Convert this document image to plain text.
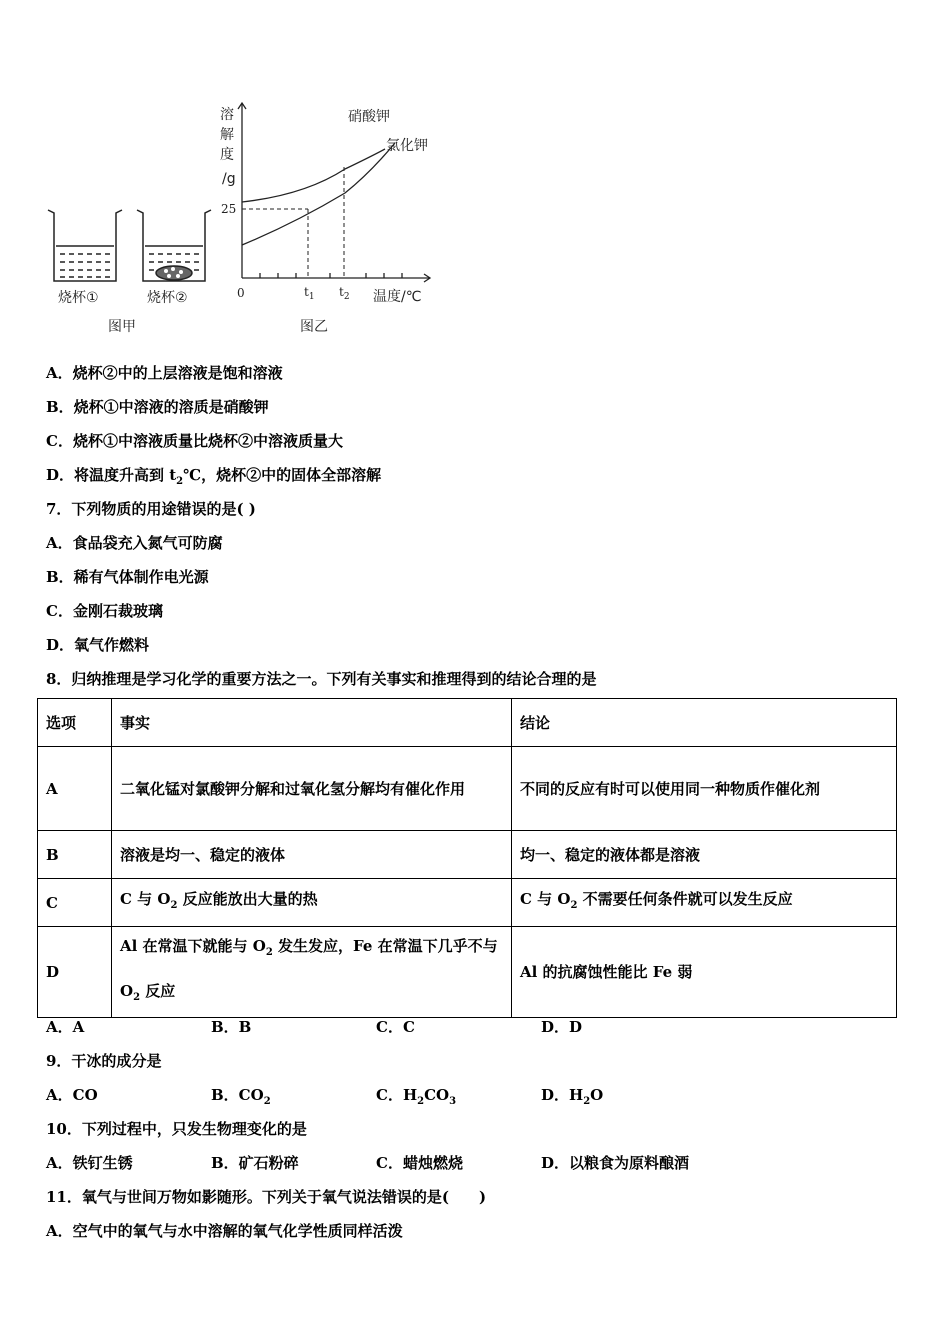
烧杯①	烧杯②
图甲
溶
解
度
/g
25
0	$t_1$ $t_2$ 温度/℃
硝酸钾
氯化钾
图乙
A．烧杯②中的上层溶液是饱和溶液
B．烧杯①中溶液的溶质是硝酸钾
C．烧杯①中溶液质量比烧杯②中溶液质量大
D．将温度升高到 $t_2℃$，烧杯②中的固体全部溶解
7．下列物质的用途错误的是( )
A．食品袋充入氮气可防腐
B．稀有气体制作电光源
C．金刚石裁玻璃
D．氧气作燃料
8．归纳推理是学习化学的重要方法之一。下列有关事实和推理得到的结论合理的是
选项	事实	结论
A	二氧化锰对氯酸钾分解和过氧化氢分解均有催化作用	不同的反应有时可以使用同一种物质作催化剂
B	溶液是均一、稳定的液体	均一、稳定的液体都是溶液
C	C 与 $O_2$ 反应能放出大量的热	C 与 $O_2$ 不需要任何条件就可以发生反应
D	Al 在常温下就能与 $O_2$ 发生发应，Fe 在常温下几乎不与 $O_2$ 反应	Al 的抗腐蚀性能比 Fe 弱
A．A	B．B	C．C	D．D
9．干冰的成分是
A．CO	B．$CO_2$	C．$H_2CO_3$	D．$H_2O$
10．下列过程中，只发生物理变化的是
A．铁钉生锈	B．矿石粉碎	C．蜡烛燃烧	D．以粮食为原料酿酒
11．氧气与世间万物如影随形。下列关于氧气说法错误的是(　　)
A．空气中的氧气与水中溶解的氧气化学性质同样活泼
